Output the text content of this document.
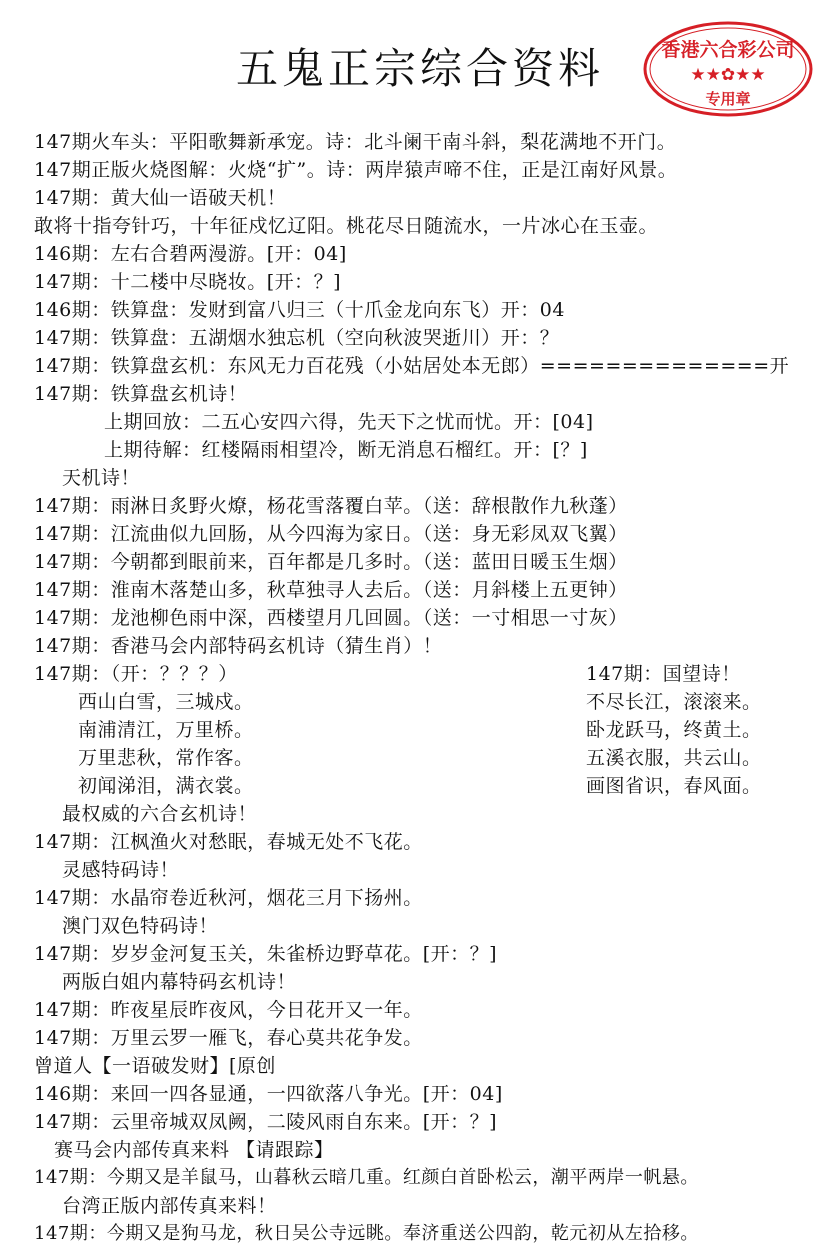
五鬼正宗综合资料	香港六合彩公司
★★✿★★
专用章
147期火车头：平阳歌舞新承宠。诗：北斗阑干南斗斜，梨花满地不开门。
147期正版火烧图解：火烧“扩”。诗：两岸猿声啼不住，正是江南好风景。
147期：黄大仙一语破天机！
敢将十指夸针巧，十年征戍忆辽阳。桃花尽日随流水，一片冰心在玉壶。
146期：左右合碧两漫游。[开：04]
147期：十二楼中尽晓妆。[开：？]
146期：铁算盘：发财到富八归三（十爪金龙向东飞）开：04
147期：铁算盘：五湖烟水独忘机（空向秋波哭逝川）开：？
147期：铁算盘玄机：东风无力百花残（小姑居处本无郎）==============开
147期：铁算盘玄机诗！
上期回放：二五心安四六得，先天下之忧而忧。开：[04]
上期待解：红楼隔雨相望冷，断无消息石榴红。开：[？]
天机诗！
147期：雨淋日炙野火燎，杨花雪落覆白苹。（送：辞根散作九秋蓬）
147期：江流曲似九回肠，从今四海为家日。（送：身无彩凤双飞翼）
147期：今朝都到眼前来，百年都是几多时。（送：蓝田日暖玉生烟）
147期：淮南木落楚山多，秋草独寻人去后。（送：月斜楼上五更钟）
147期：龙池柳色雨中深，西楼望月几回圆。（送：一寸相思一寸灰）
147期：香港马会内部特码玄机诗（猜生肖）！
147期：（开：？？？）
西山白雪，三城戍。
南浦清江，万里桥。
万里悲秋，常作客。
初闻涕泪，满衣裳。
147期：国望诗！
不尽长江，滚滚来。
卧龙跃马，终黄土。
五溪衣服，共云山。
画图省识，春风面。
最权威的六合玄机诗！
147期：江枫渔火对愁眠，春城无处不飞花。
灵感特码诗！
147期：水晶帘卷近秋河，烟花三月下扬州。
澳门双色特码诗！
147期：岁岁金河复玉关，朱雀桥边野草花。[开：？]
两版白姐内幕特码玄机诗！
147期：昨夜星辰昨夜风，今日花开又一年。
147期：万里云罗一雁飞，春心莫共花争发。
曾道人【一语破发财】[原创
146期：来回一四各显通，一四欲落八争光。[开：04]
147期：云里帝城双凤阙，二陵风雨自东来。[开：？]
赛马会内部传真来料 【请跟踪】
147期：今期又是羊鼠马，山暮秋云暗几重。红颜白首卧松云，潮平两岸一帆悬。
台湾正版内部传真来料！
147期：今期又是狗马龙，秋日吴公寺远眺。奉济重送公四韵，乾元初从左拾移。
